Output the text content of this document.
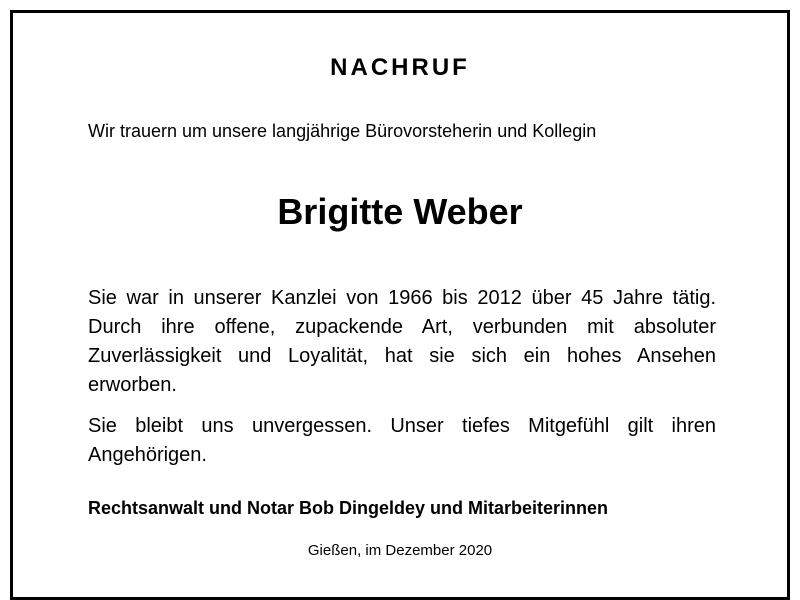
NACHRUF
Wir trauern um unsere langjährige Bürovorsteherin und Kollegin
Brigitte Weber
Sie war in unserer Kanzlei von 1966 bis 2012 über 45 Jahre tätig. Durch ihre offene, zupackende Art, verbunden mit absoluter Zuverlässigkeit und Loyalität, hat sie sich ein hohes Ansehen erworben.
Sie bleibt uns unvergessen. Unser tiefes Mitgefühl gilt ihren Angehörigen.
Rechtsanwalt und Notar Bob Dingeldey und Mitarbeiterinnen
Gießen, im Dezember 2020
